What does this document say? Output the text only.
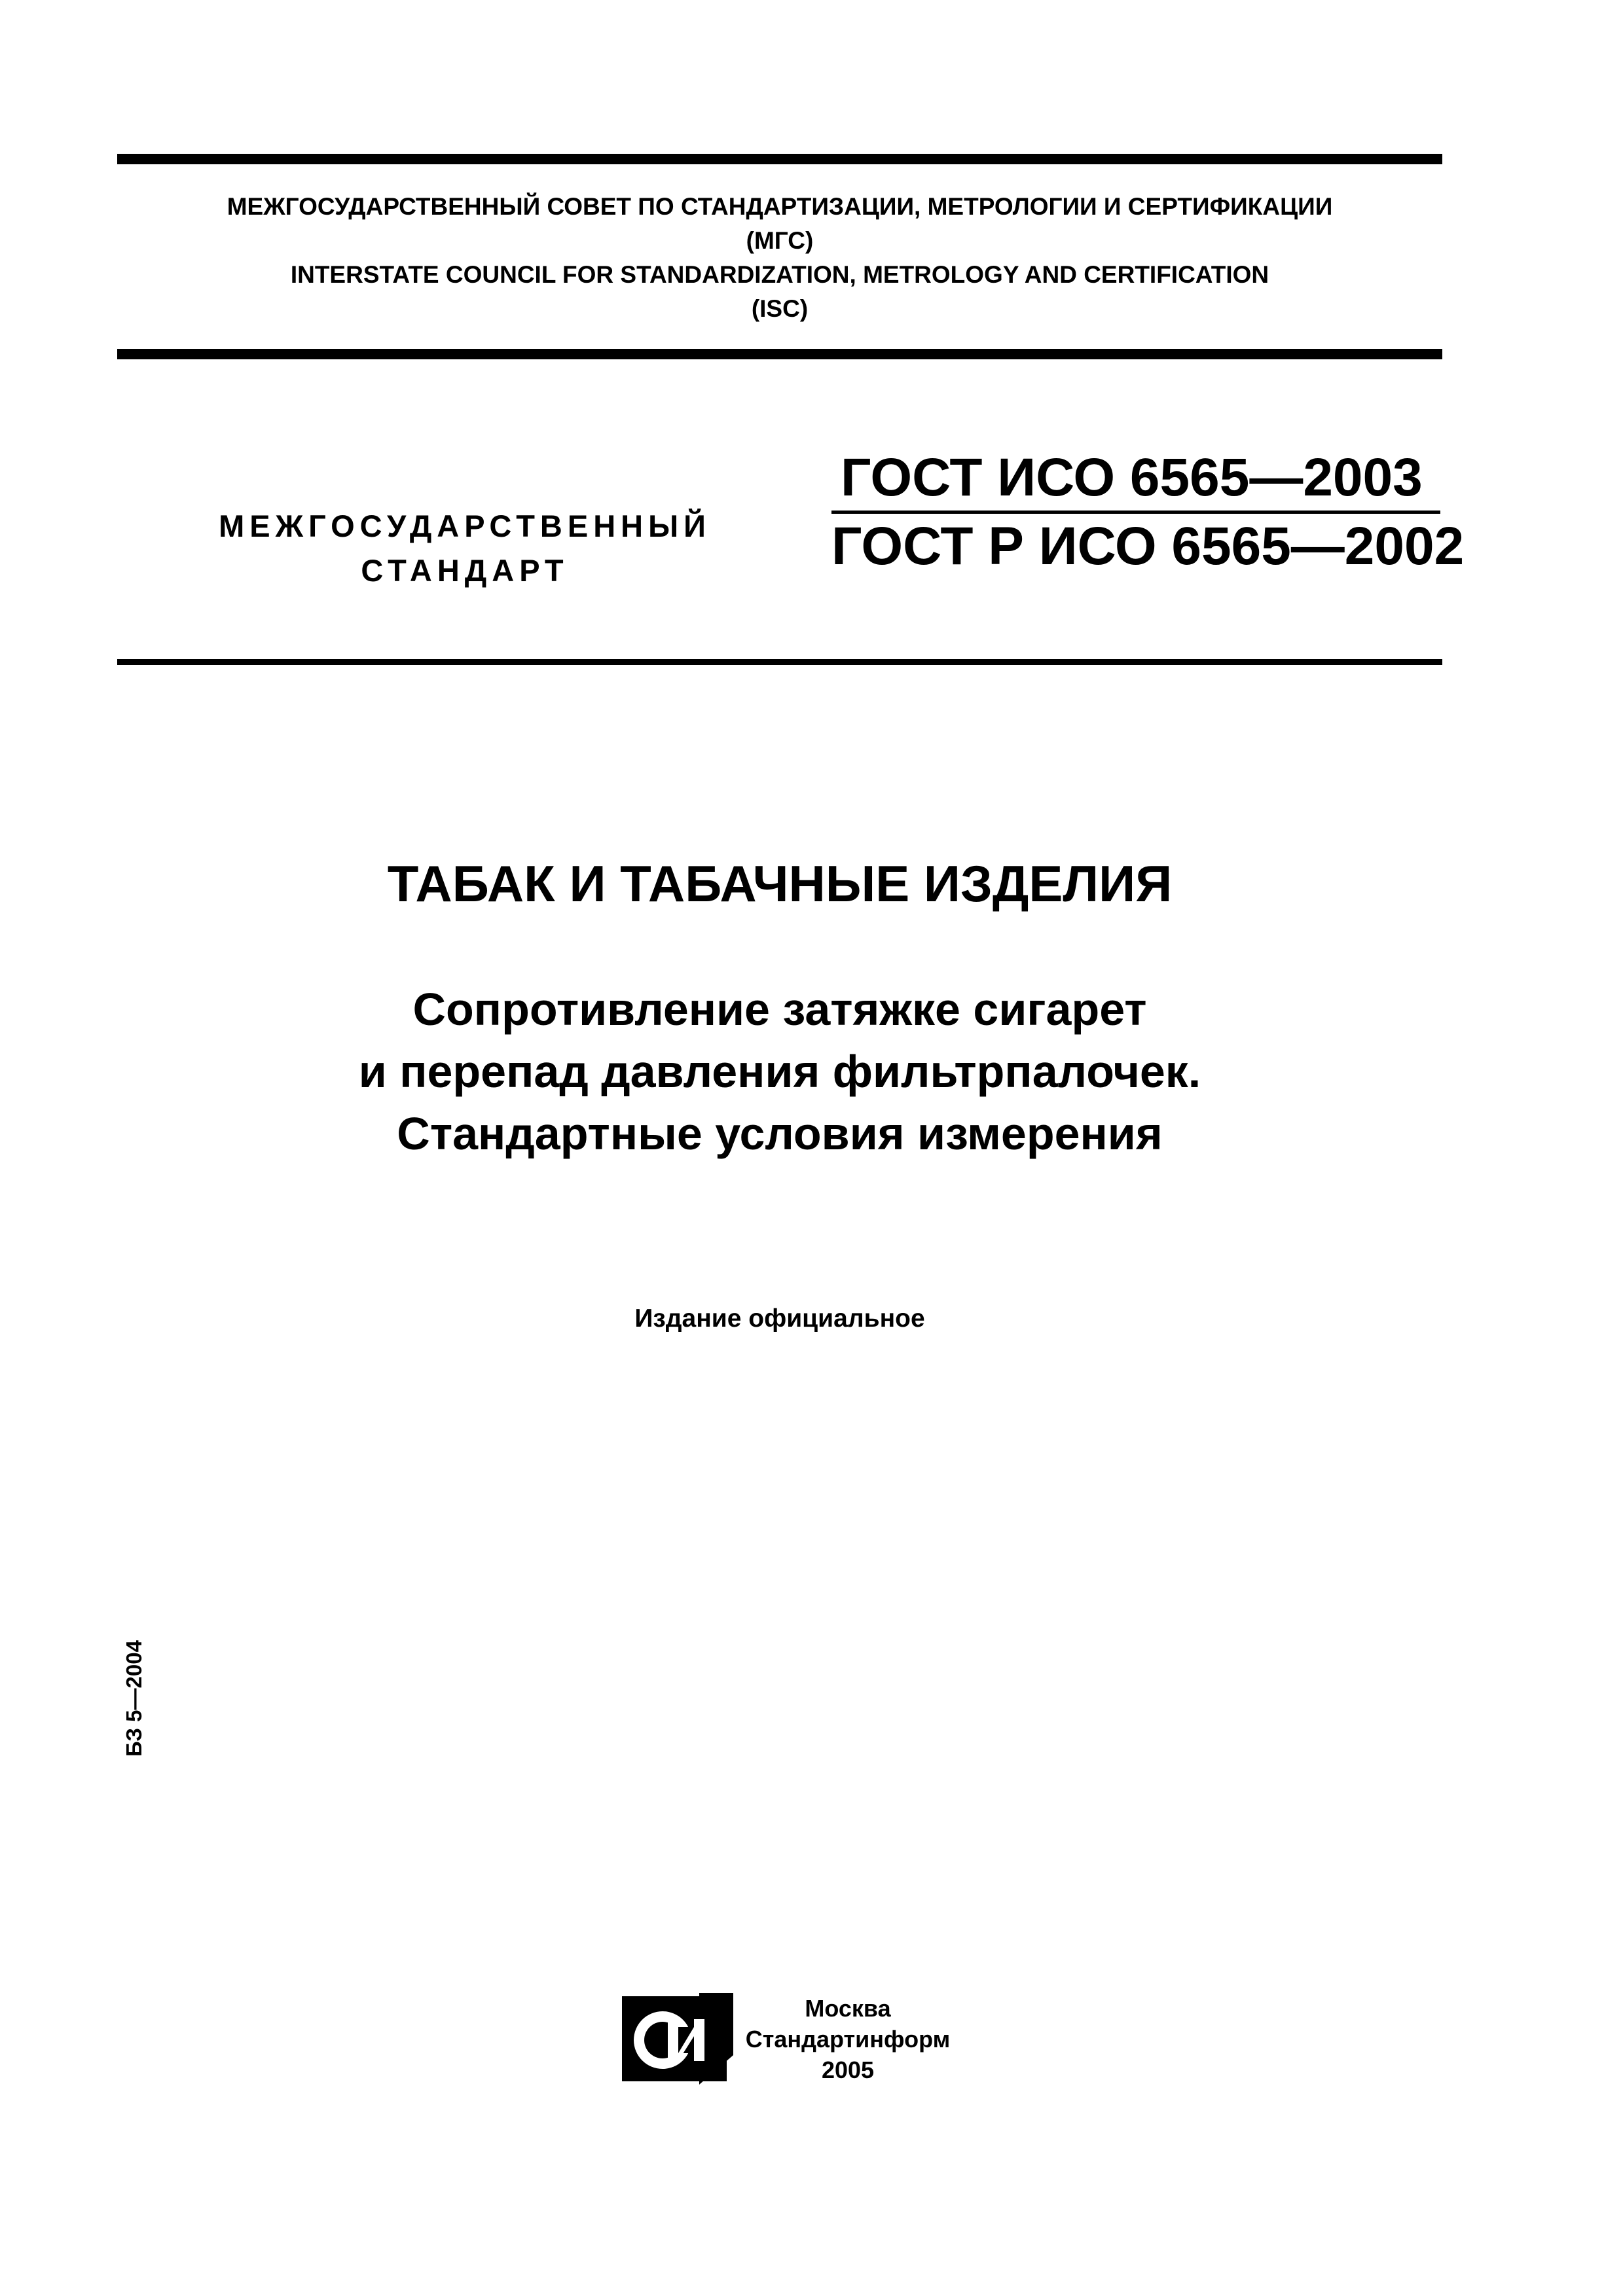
МЕЖГОСУДАРСТВЕННЫЙ СОВЕТ ПО СТАНДАРТИЗАЦИИ, МЕТРОЛОГИИ И СЕРТИФИКАЦИИ
(МГС)
INTERSTATE COUNCIL FOR STANDARDIZATION, METROLOGY AND CERTIFICATION
(ISC)
МЕЖГОСУДАРСТВЕННЫЙ
СТАНДАРТ
ГОСТ ИСО 6565—2003
ГОСТ Р ИСО 6565—2002
ТАБАК И ТАБАЧНЫЕ ИЗДЕЛИЯ
Сопротивление затяжке сигарет
и перепад давления фильтрпалочек.
Стандартные условия измерения
Издание официальное
БЗ 5—2004
Москва
Стандартинформ
2005
